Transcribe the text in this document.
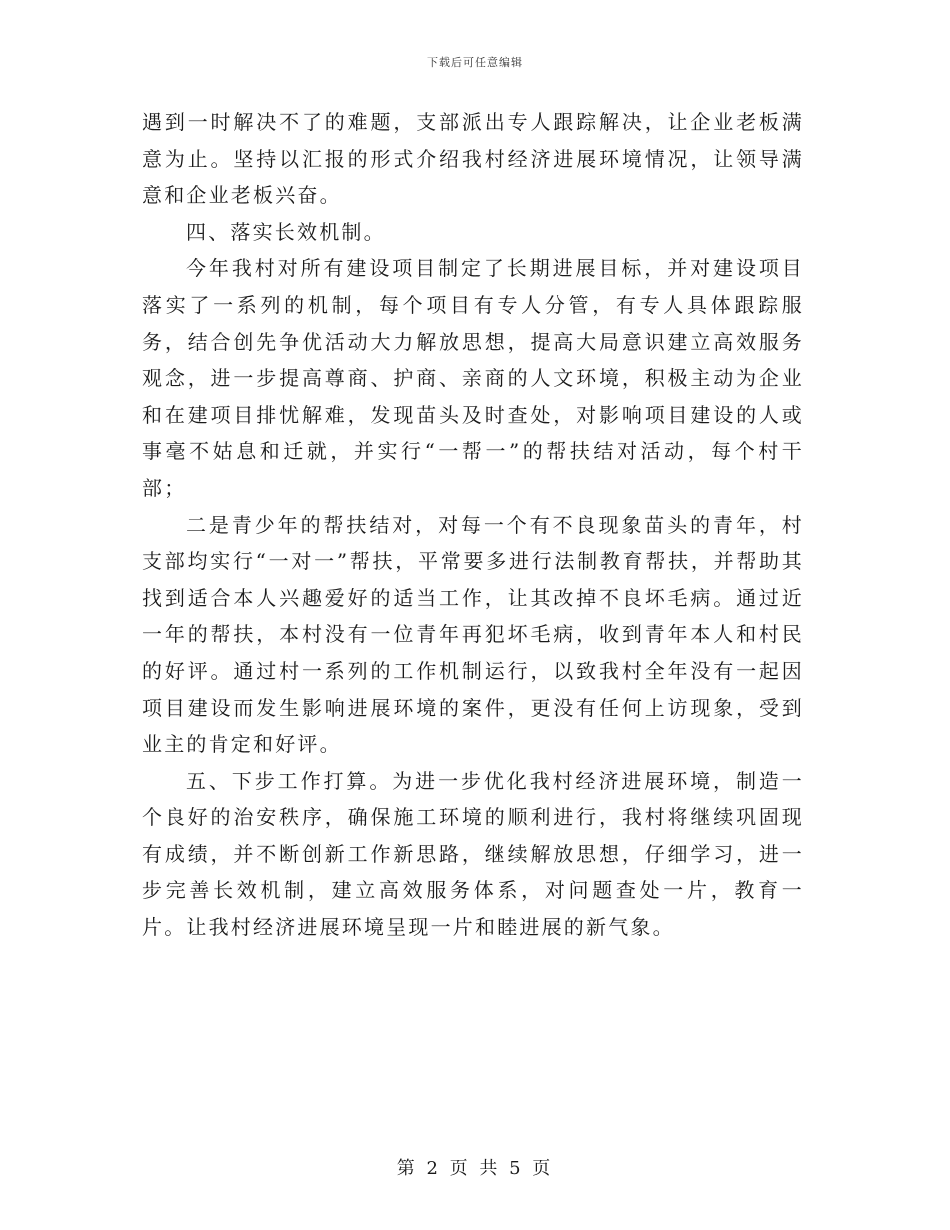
下载后可任意编辑

遇到一时解决不了的难题，支部派出专人跟踪解决，让企业老板满意为止。坚持以汇报的形式介绍我村经济进展环境情况，让领导满意和企业老板兴奋。

四、落实长效机制。

今年我村对所有建设项目制定了长期进展目标，并对建设项目落实了一系列的机制，每个项目有专人分管，有专人具体跟踪服务，结合创先争优活动大力解放思想，提高大局意识建立高效服务观念，进一步提高尊商、护商、亲商的人文环境，积极主动为企业和在建项目排忧解难，发现苗头及时查处，对影响项目建设的人或事毫不姑息和迁就，并实行“一帮一”的帮扶结对活动，每个村干部；

二是青少年的帮扶结对，对每一个有不良现象苗头的青年，村支部均实行“一对一”帮扶，平常要多进行法制教育帮扶，并帮助其找到适合本人兴趣爱好的适当工作，让其改掉不良坏毛病。通过近一年的帮扶，本村没有一位青年再犯坏毛病，收到青年本人和村民的好评。通过村一系列的工作机制运行，以致我村全年没有一起因项目建设而发生影响进展环境的案件，更没有任何上访现象，受到业主的肯定和好评。

五、下步工作打算。为进一步优化我村经济进展环境，制造一个良好的治安秩序，确保施工环境的顺利进行，我村将继续巩固现有成绩，并不断创新工作新思路，继续解放思想，仔细学习，进一步完善长效机制，建立高效服务体系，对问题查处一片，教育一片。让我村经济进展环境呈现一片和睦进展的新气象。

第 2 页 共 5 页
